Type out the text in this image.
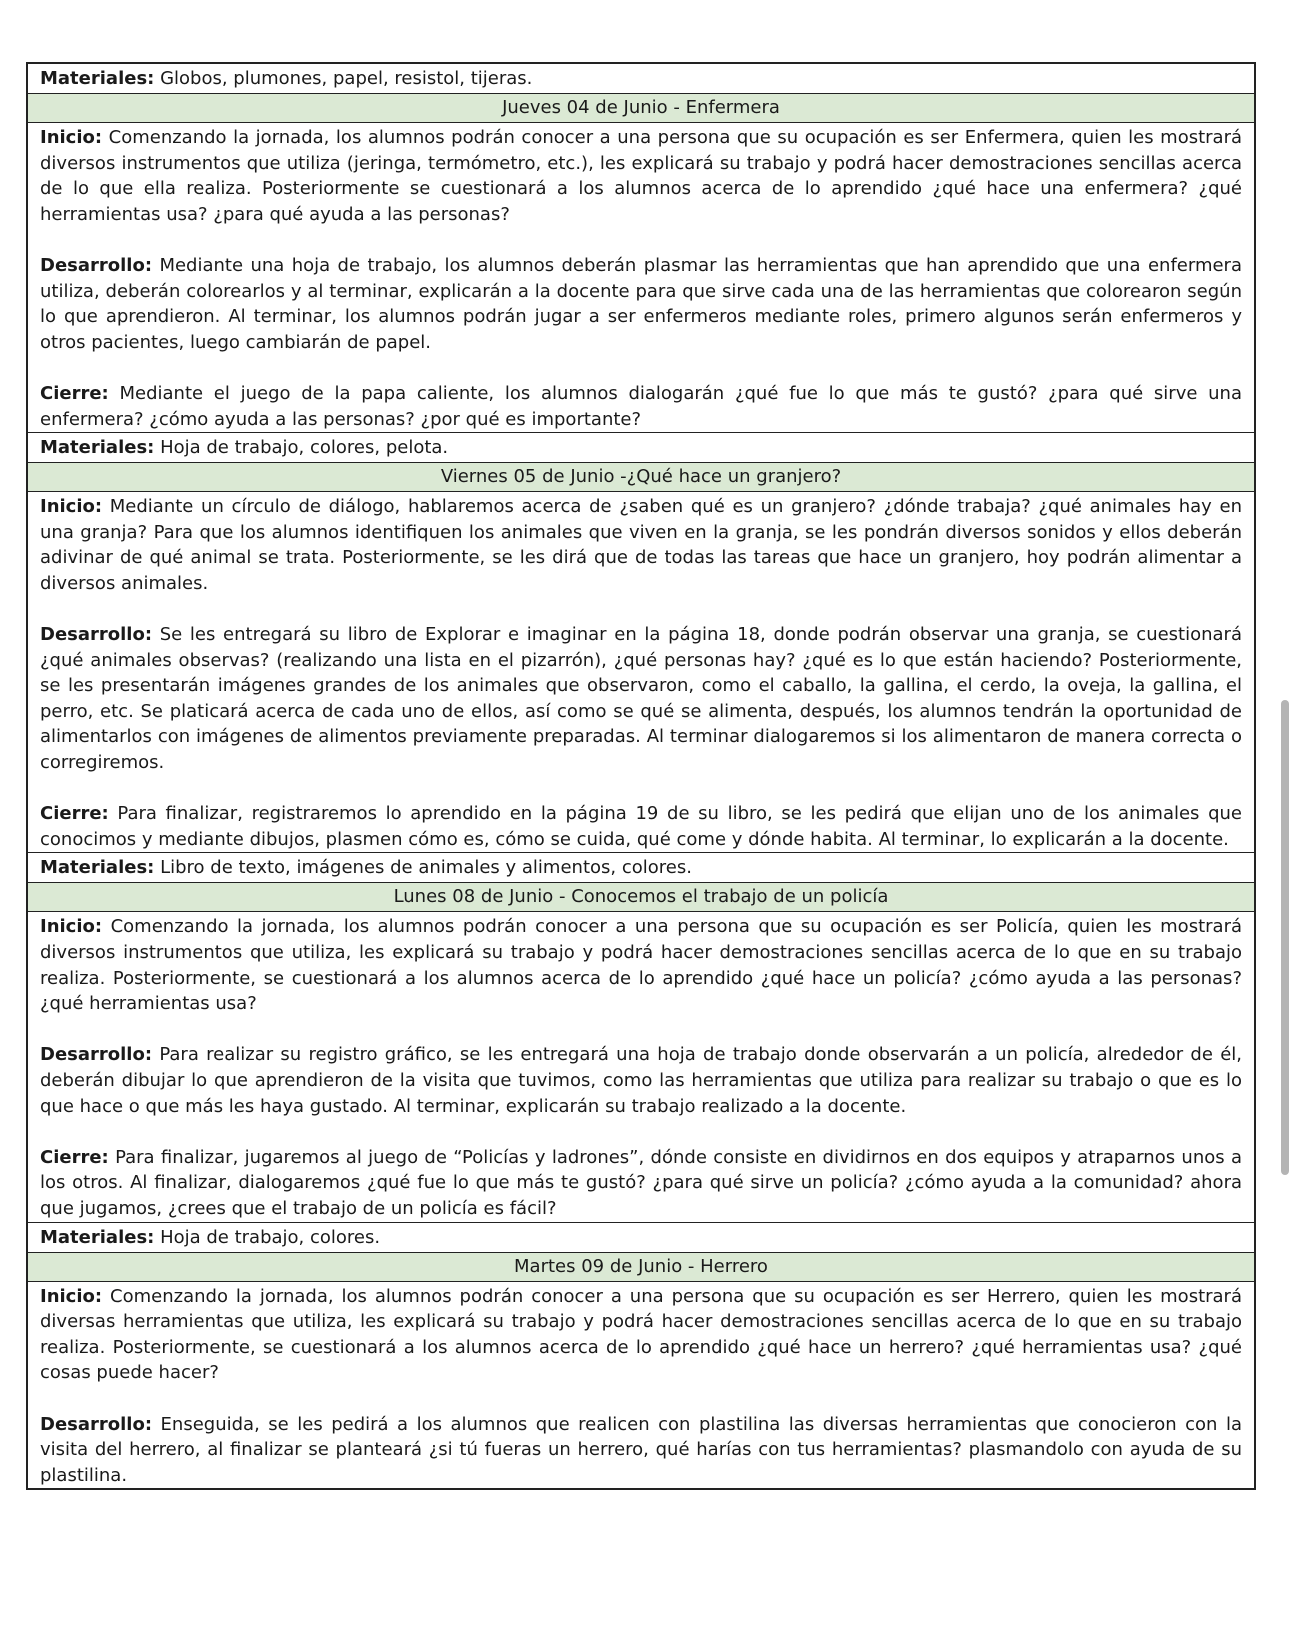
Materiales: Globos, plumones, papel, resistol, tijeras.
Jueves 04 de Junio - Enfermera

Inicio: Comenzando la jornada, los alumnos podrán conocer a una persona que su ocupación es ser Enfermera, quien les mostrará diversos instrumentos que utiliza (jeringa, termómetro, etc.), les explicará su trabajo y podrá hacer demostraciones sencillas acerca de lo que ella realiza. Posteriormente se cuestionará a los alumnos acerca de lo aprendido ¿qué hace una enfermera? ¿qué herramientas usa? ¿para qué ayuda a las personas?

Desarrollo: Mediante una hoja de trabajo, los alumnos deberán plasmar las herramientas que han aprendido que una enfermera utiliza, deberán colorearlos y al terminar, explicarán a la docente para que sirve cada una de las herramientas que colorearon según lo que aprendieron. Al terminar, los alumnos podrán jugar a ser enfermeros mediante roles, primero algunos serán enfermeros y otros pacientes, luego cambiarán de papel.

Cierre: Mediante el juego de la papa caliente, los alumnos dialogarán ¿qué fue lo que más te gustó? ¿para qué sirve una enfermera? ¿cómo ayuda a las personas? ¿por qué es importante?

Materiales: Hoja de trabajo, colores, pelota.
Viernes 05 de Junio -¿Qué hace un granjero?

Inicio: Mediante un círculo de diálogo, hablaremos acerca de ¿saben qué es un granjero? ¿dónde trabaja? ¿qué animales hay en una granja? Para que los alumnos identifiquen los animales que viven en la granja, se les pondrán diversos sonidos y ellos deberán adivinar de qué animal se trata. Posteriormente, se les dirá que de todas las tareas que hace un granjero, hoy podrán alimentar a diversos animales.

Desarrollo: Se les entregará su libro de Explorar e imaginar en la página 18, donde podrán observar una granja, se cuestionará ¿qué animales observas? (realizando una lista en el pizarrón), ¿qué personas hay? ¿qué es lo que están haciendo? Posteriormente, se les presentarán imágenes grandes de los animales que observaron, como el caballo, la gallina, el cerdo, la oveja, la gallina, el perro, etc. Se platicará acerca de cada uno de ellos, así como se qué se alimenta, después, los alumnos tendrán la oportunidad de alimentarlos con imágenes de alimentos previamente preparadas. Al terminar dialogaremos si los alimentaron de manera correcta o corregiremos.

Cierre: Para finalizar, registraremos lo aprendido en la página 19 de su libro, se les pedirá que elijan uno de los animales que conocimos y mediante dibujos, plasmen cómo es, cómo se cuida, qué come y dónde habita. Al terminar, lo explicarán a la docente.

Materiales: Libro de texto, imágenes de animales y alimentos, colores.
Lunes 08 de Junio - Conocemos el trabajo de un policía

Inicio: Comenzando la jornada, los alumnos podrán conocer a una persona que su ocupación es ser Policía, quien les mostrará diversos instrumentos que utiliza, les explicará su trabajo y podrá hacer demostraciones sencillas acerca de lo que en su trabajo realiza. Posteriormente, se cuestionará a los alumnos acerca de lo aprendido ¿qué hace un policía? ¿cómo ayuda a las personas? ¿qué herramientas usa?

Desarrollo: Para realizar su registro gráfico, se les entregará una hoja de trabajo donde observarán a un policía, alrededor de él, deberán dibujar lo que aprendieron de la visita que tuvimos, como las herramientas que utiliza para realizar su trabajo o que es lo que hace o que más les haya gustado. Al terminar, explicarán su trabajo realizado a la docente.

Cierre: Para finalizar, jugaremos al juego de “Policías y ladrones”, dónde consiste en dividirnos en dos equipos y atraparnos unos a los otros. Al finalizar, dialogaremos ¿qué fue lo que más te gustó? ¿para qué sirve un policía? ¿cómo ayuda a la comunidad? ahora que jugamos, ¿crees que el trabajo de un policía es fácil?

Materiales: Hoja de trabajo, colores.
Martes 09 de Junio - Herrero

Inicio: Comenzando la jornada, los alumnos podrán conocer a una persona que su ocupación es ser Herrero, quien les mostrará diversas herramientas que utiliza, les explicará su trabajo y podrá hacer demostraciones sencillas acerca de lo que en su trabajo realiza. Posteriormente, se cuestionará a los alumnos acerca de lo aprendido ¿qué hace un herrero? ¿qué herramientas usa? ¿qué cosas puede hacer?

Desarrollo: Enseguida, se les pedirá a los alumnos que realicen con plastilina las diversas herramientas que conocieron con la visita del herrero, al finalizar se planteará ¿si tú fueras un herrero, qué harías con tus herramientas? plasmandolo con ayuda de su plastilina.
